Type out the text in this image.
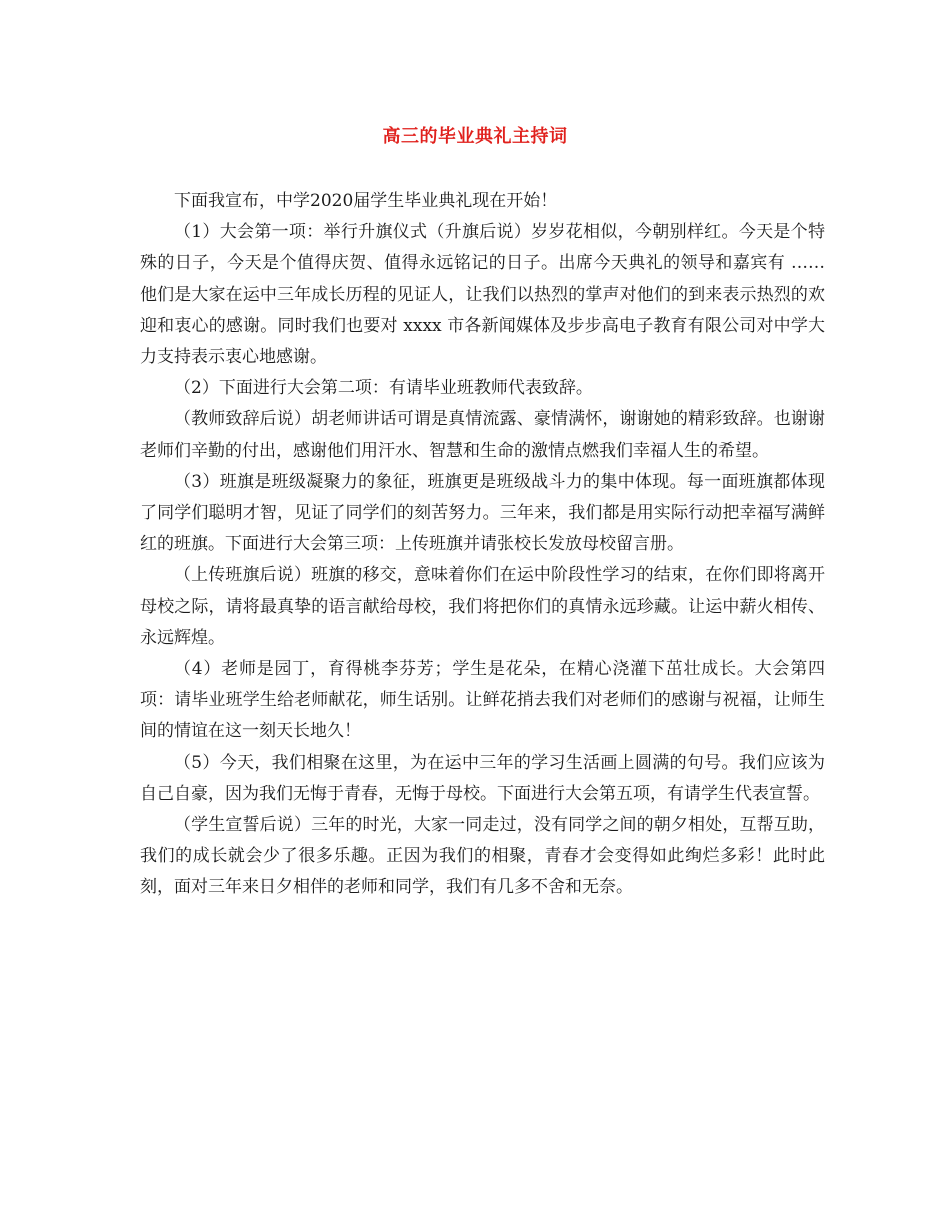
高三的毕业典礼主持词

下面我宣布，中学2020届学生毕业典礼现在开始！

（1）大会第一项：举行升旗仪式（升旗后说）岁岁花相似，今朝别样红。今天是个特殊的日子，今天是个值得庆贺、值得永远铭记的日子。出席今天典礼的领导和嘉宾有 ……他们是大家在运中三年成长历程的见证人，让我们以热烈的掌声对他们的到来表示热烈的欢迎和衷心的感谢。同时我们也要对 xxxx 市各新闻媒体及步步高电子教育有限公司对中学大力支持表示衷心地感谢。

（2）下面进行大会第二项：有请毕业班教师代表致辞。

（教师致辞后说）胡老师讲话可谓是真情流露、豪情满怀，谢谢她的精彩致辞。也谢谢老师们辛勤的付出，感谢他们用汗水、智慧和生命的激情点燃我们幸福人生的希望。

（3）班旗是班级凝聚力的象征，班旗更是班级战斗力的集中体现。每一面班旗都体现了同学们聪明才智，见证了同学们的刻苦努力。三年来，我们都是用实际行动把幸福写满鲜红的班旗。下面进行大会第三项：上传班旗并请张校长发放母校留言册。

（上传班旗后说）班旗的移交，意味着你们在运中阶段性学习的结束，在你们即将离开母校之际，请将最真挚的语言献给母校，我们将把你们的真情永远珍藏。让运中薪火相传、永远辉煌。

（4）老师是园丁，育得桃李芬芳；学生是花朵，在精心浇灌下茁壮成长。大会第四项：请毕业班学生给老师献花，师生话别。让鲜花捎去我们对老师们的感谢与祝福，让师生间的情谊在这一刻天长地久！

（5）今天，我们相聚在这里，为在运中三年的学习生活画上圆满的句号。我们应该为自己自豪，因为我们无悔于青春，无悔于母校。下面进行大会第五项，有请学生代表宣誓。

（学生宣誓后说）三年的时光，大家一同走过，没有同学之间的朝夕相处，互帮互助，我们的成长就会少了很多乐趣。正因为我们的相聚，青春才会变得如此绚烂多彩！此时此刻，面对三年来日夕相伴的老师和同学，我们有几多不舍和无奈。
